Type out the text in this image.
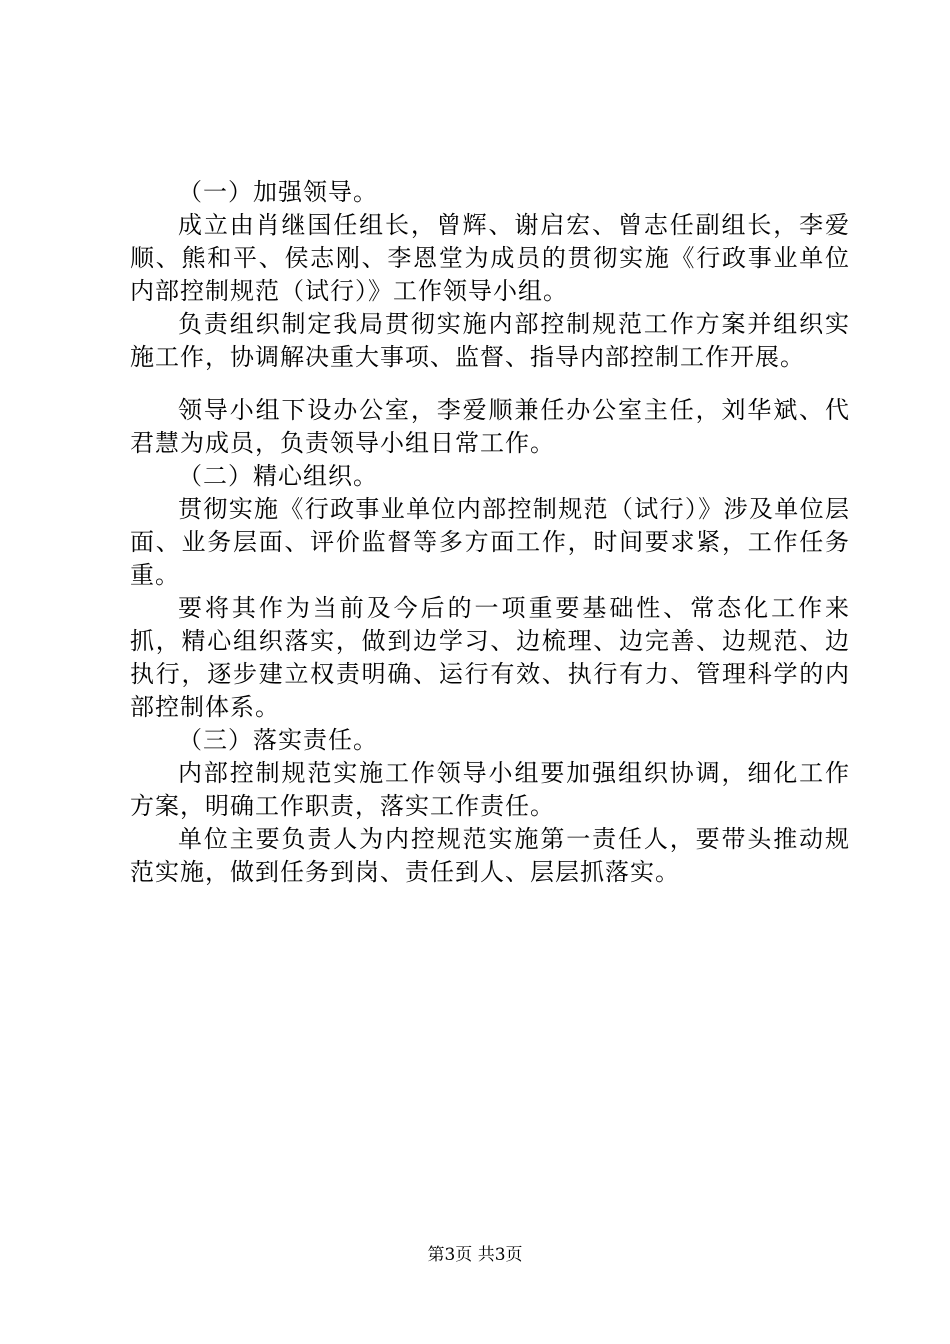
（一）加强领导。

成立由肖继国任组长，曾辉、谢启宏、曾志任副组长，李爱顺、熊和平、侯志刚、李恩堂为成员的贯彻实施《行政事业单位内部控制规范（试行）》工作领导小组。

负责组织制定我局贯彻实施内部控制规范工作方案并组织实施工作，协调解决重大事项、监督、指导内部控制工作开展。

领导小组下设办公室，李爱顺兼任办公室主任，刘华斌、代君慧为成员，负责领导小组日常工作。

（二）精心组织。

贯彻实施《行政事业单位内部控制规范（试行）》涉及单位层面、业务层面、评价监督等多方面工作，时间要求紧，工作任务重。

要将其作为当前及今后的一项重要基础性、常态化工作来抓，精心组织落实，做到边学习、边梳理、边完善、边规范、边执行，逐步建立权责明确、运行有效、执行有力、管理科学的内部控制体系。

（三）落实责任。

内部控制规范实施工作领导小组要加强组织协调，细化工作方案，明确工作职责，落实工作责任。

单位主要负责人为内控规范实施第一责任人，要带头推动规范实施，做到任务到岗、责任到人、层层抓落实。

第3页 共3页
